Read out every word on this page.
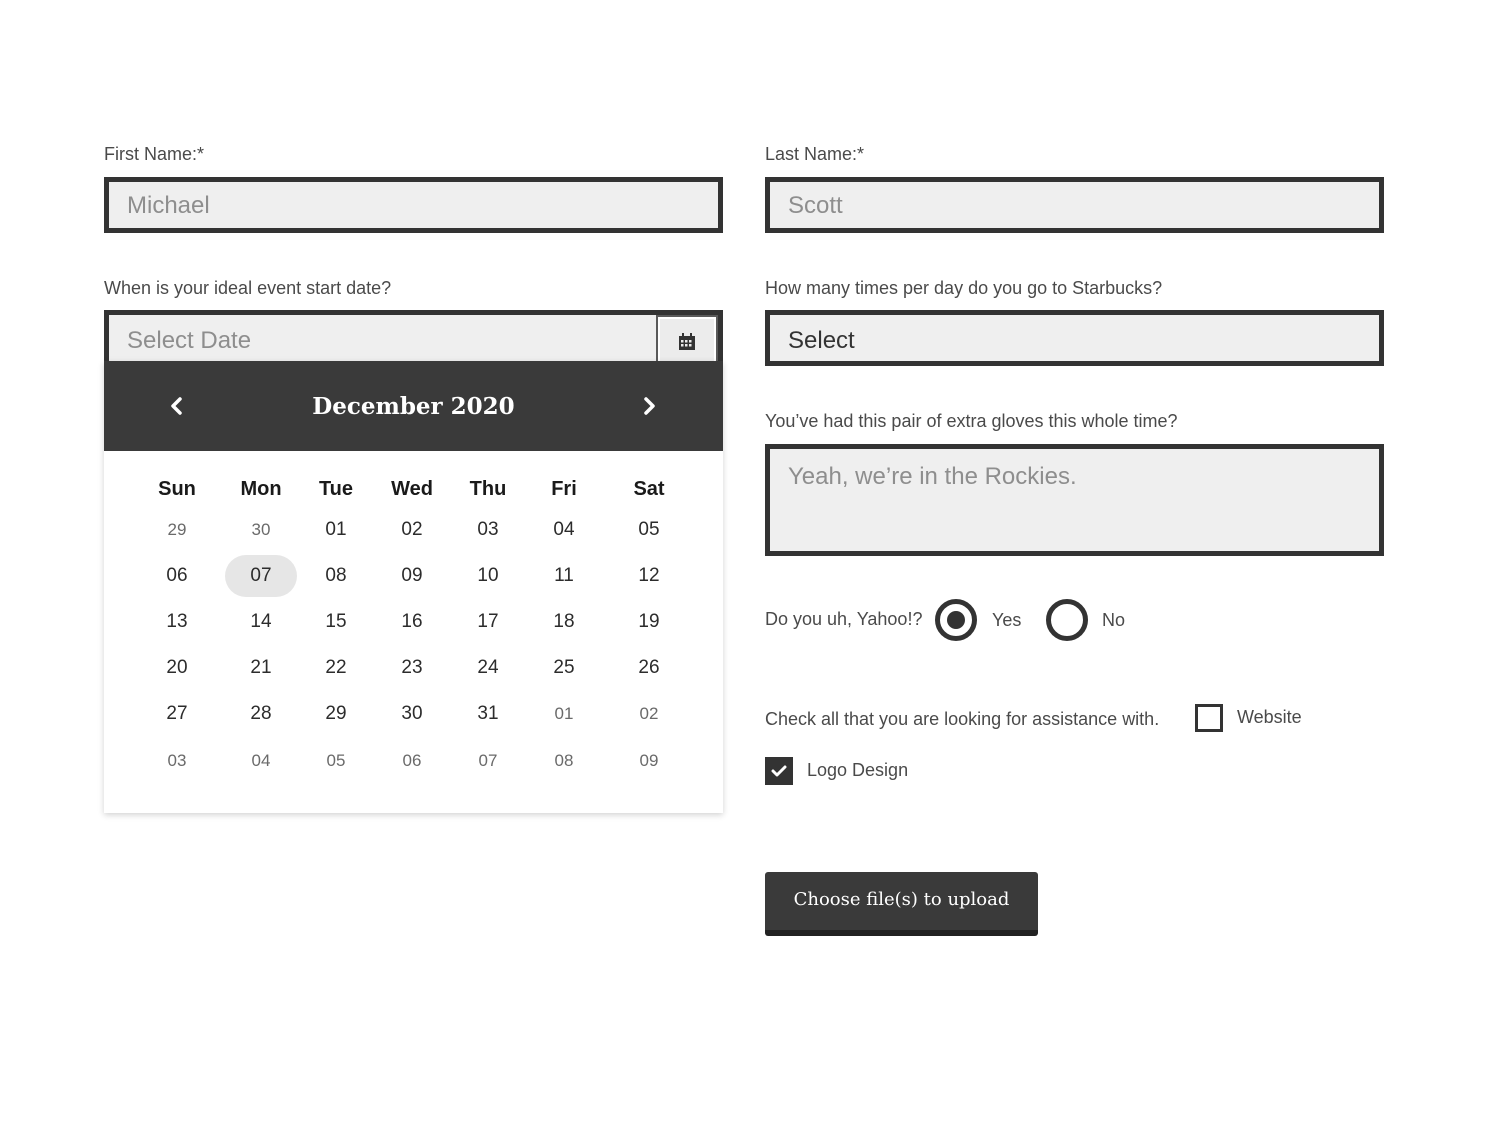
First Name:*	Last Name:*
When is your ideal event start date?	How many times per day do you go to Starbucks?
You’ve had this pair of extra gloves this whole time?
Michael	Scott
Select Date	Select
Yeah, we’re in the Rockies.
December 2020
Sun	Mon	Tue	Wed	Thu	Fri	Sat
29	30	01	02	03	04	05
06	07	08	09	10	11	12
13	14	15	16	17	18	19
20	21	22	23	24	25	26
27	28	29	30	31	01	02
03	04	05	06	07	08	09
Do you uh, Yahoo!?	Yes	No
Check all that you are looking for assistance with.	Website
Logo Design
Choose file(s) to upload
